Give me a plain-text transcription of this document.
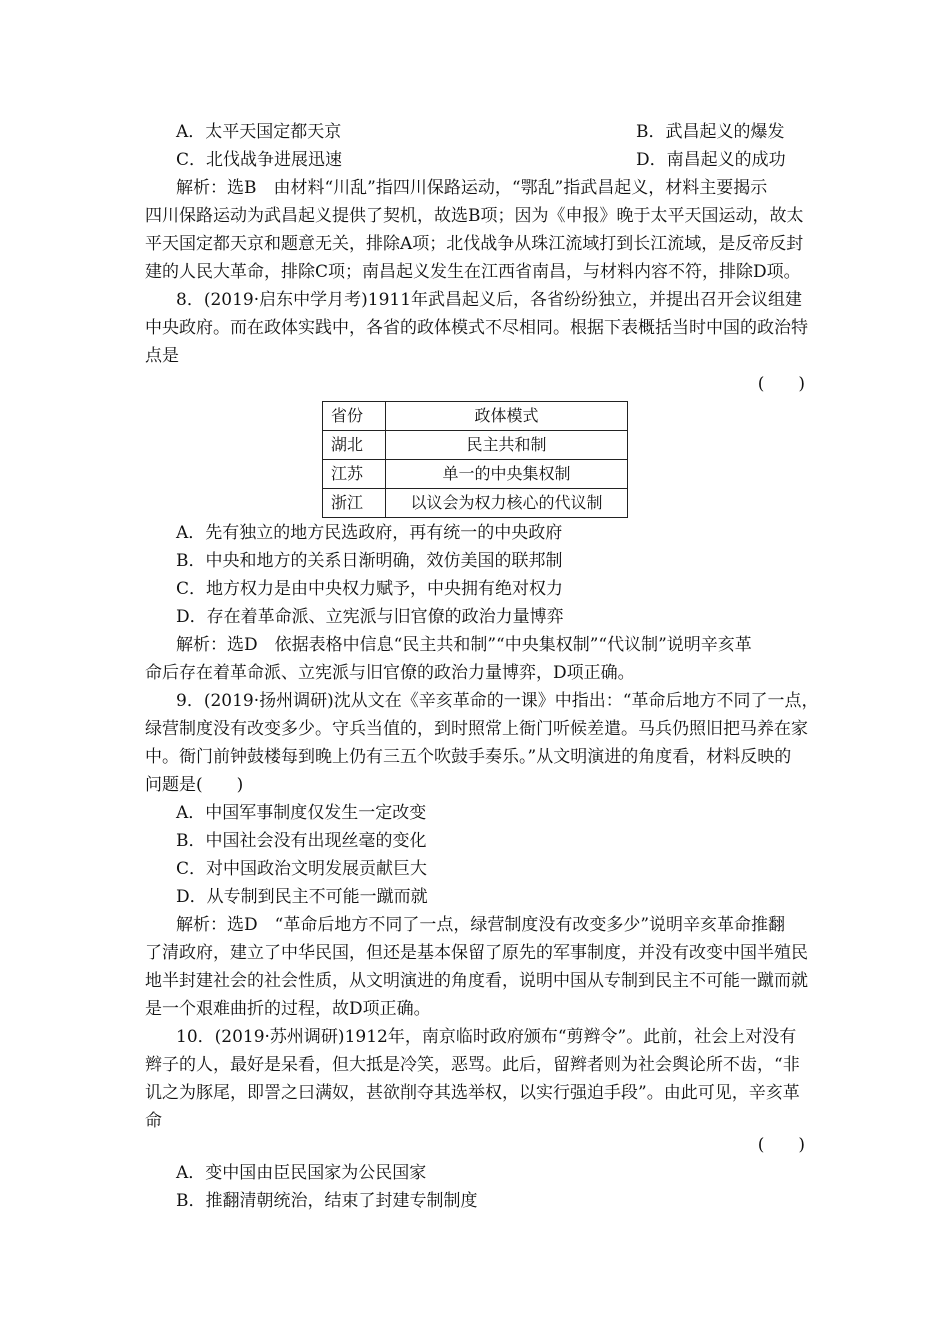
A．太平天国定都天京	B．武昌起义的爆发
C．北伐战争进展迅速	D．南昌起义的成功
解析：选B　由材料“川乱”指四川保路运动，“鄂乱”指武昌起义，材料主要揭示
四川保路运动为武昌起义提供了契机，故选B项；因为《申报》晚于太平天国运动，故太
平天国定都天京和题意无关，排除A项；北伐战争从珠江流域打到长江流域，是反帝反封
建的人民大革命，排除C项；南昌起义发生在江西省南昌，与材料内容不符，排除D项。
8．(2019·启东中学月考)1911年武昌起义后，各省纷纷独立，并提出召开会议组建
中央政府。而在政体实践中，各省的政体模式不尽相同。根据下表概括当时中国的政治特
点是
(　　)
省份	政体模式
湖北	民主共和制
江苏	单一的中央集权制
浙江	以议会为权力核心的代议制
A．先有独立的地方民选政府，再有统一的中央政府
B．中央和地方的关系日渐明确，效仿美国的联邦制
C．地方权力是由中央权力赋予，中央拥有绝对权力
D．存在着革命派、立宪派与旧官僚的政治力量博弈
解析：选D　依据表格中信息“民主共和制”“中央集权制”“代议制”说明辛亥革
命后存在着革命派、立宪派与旧官僚的政治力量博弈，D项正确。
9．(2019·扬州调研)沈从文在《辛亥革命的一课》中指出：“革命后地方不同了一点，
绿营制度没有改变多少。守兵当值的，到时照常上衙门听候差遣。马兵仍照旧把马养在家
中。衙门前钟鼓楼每到晚上仍有三五个吹鼓手奏乐。”从文明演进的角度看，材料反映的
问题是(　　)
A．中国军事制度仅发生一定改变
B．中国社会没有出现丝毫的变化
C．对中国政治文明发展贡献巨大
D．从专制到民主不可能一蹴而就
解析：选D　“革命后地方不同了一点，绿营制度没有改变多少”说明辛亥革命推翻
了清政府，建立了中华民国，但还是基本保留了原先的军事制度，并没有改变中国半殖民
地半封建社会的社会性质，从文明演进的角度看，说明中国从专制到民主不可能一蹴而就
是一个艰难曲折的过程，故D项正确。
10．(2019·苏州调研)1912年，南京临时政府颁布“剪辫令”。此前，社会上对没有
辫子的人，最好是呆看，但大抵是冷笑，恶骂。此后，留辫者则为社会舆论所不齿，“非
讥之为豚尾，即詈之曰满奴，甚欲削夺其选举权，以实行强迫手段”。由此可见，辛亥革
命
(　　)
A．变中国由臣民国家为公民国家
B．推翻清朝统治，结束了封建专制制度
